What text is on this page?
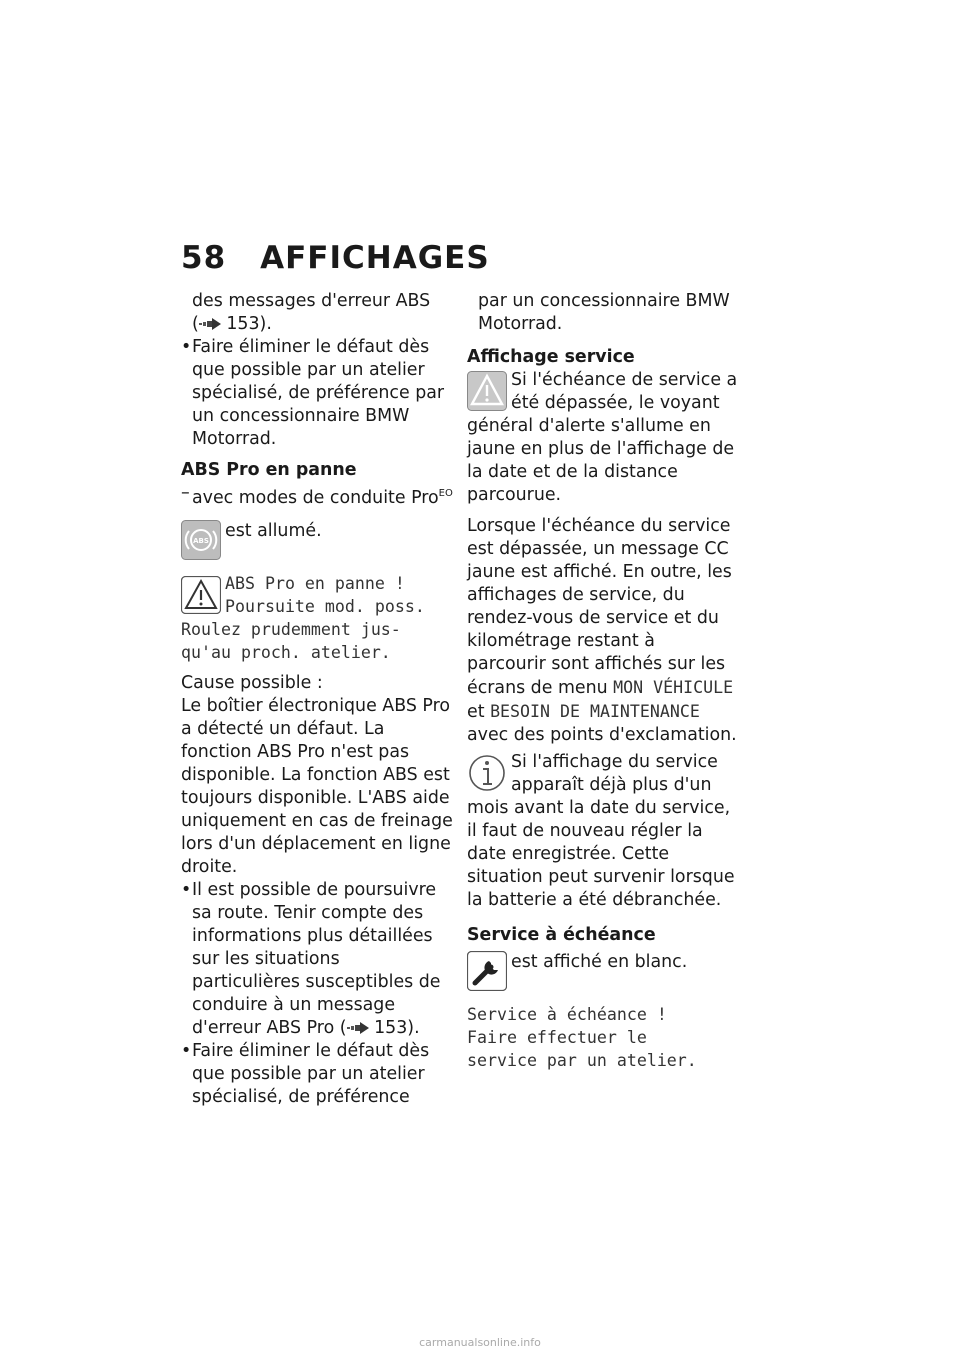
58 AFFICHAGES

des messages d'erreur ABS
( 153).

• Faire éliminer le défaut dès que possible par un atelier spécialisé, de préférence par un concessionnaire BMW Motorrad.

ABS Pro en panne

– avec modes de conduite Pro$^{EO}$

ABS est allumé.

ABS Pro en panne !
Poursuite mod. poss.
Roulez prudemment jus-
qu'au proch. atelier.

Cause possible :

Le boîtier électronique ABS Pro a détecté un défaut. La fonction ABS Pro n'est pas disponible. La fonction ABS est toujours disponible. L'ABS aide uniquement en cas de freinage lors d'un déplacement en ligne droite.

• Il est possible de poursuivre sa route. Tenir compte des informations plus détaillées sur les situations particulières susceptibles de conduire à un message d'erreur ABS Pro ( 153).

• Faire éliminer le défaut dès que possible par un atelier spécialisé, de préférence

par un concessionnaire BMW Motorrad.

Affichage service

Si l'échéance de service a été dépassée, le voyant général d'alerte s'allume en jaune en plus de l'affichage de la date et de la distance parcourue.

Lorsque l'échéance du service est dépassée, un message CC jaune est affiché. En outre, les affichages de service, du rendez-vous de service et du kilométrage restant à parcourir sont affichés sur les écrans de menu MON VÉHICULE et BESOIN DE MAINTENANCE avec des points d'exclamation.

Si l'affichage du service apparaît déjà plus d'un mois avant la date du service, il faut de nouveau régler la date enregistrée. Cette situation peut survenir lorsque la batterie a été débranchée.

Service à échéance

est affiché en blanc.

Service à échéance !
Faire effectuer le
service par un atelier.
carmanualsonline.info
